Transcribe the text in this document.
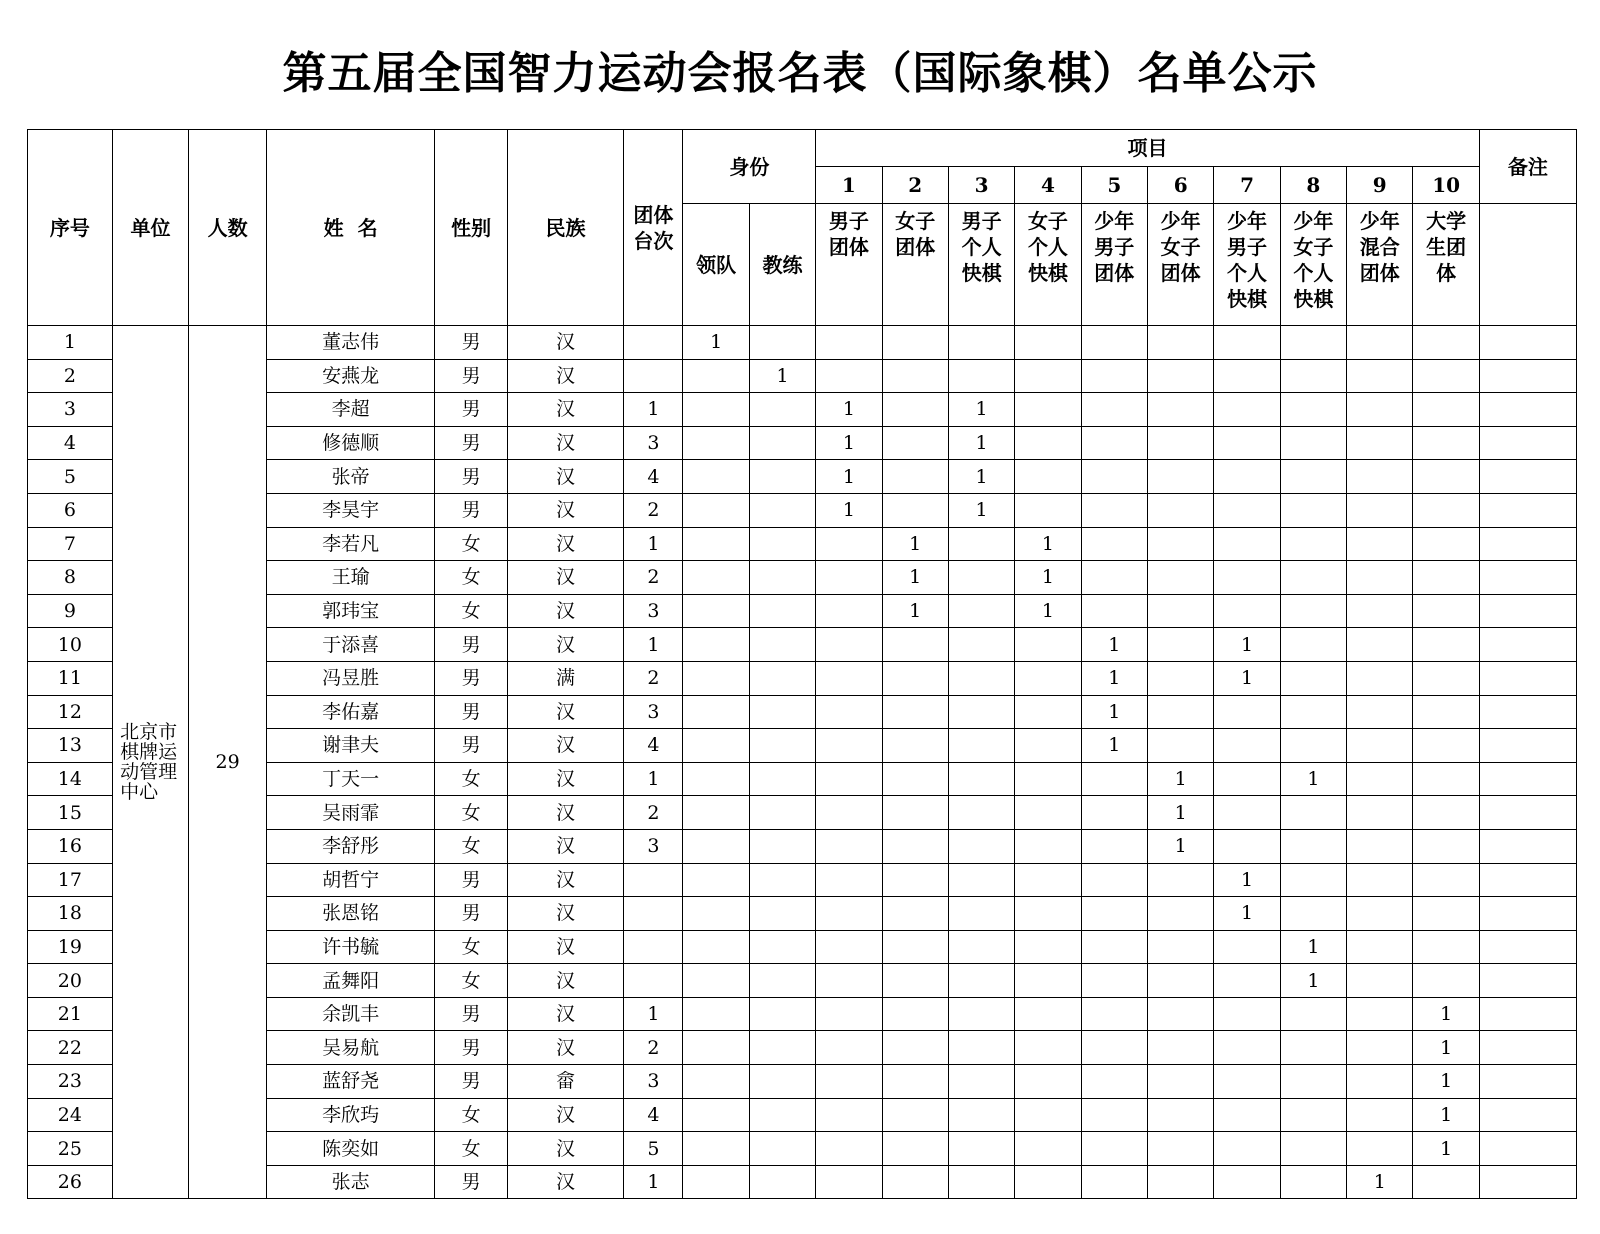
第五届全国智力运动会报名表（国际象棋）名单公示
序号	单位	人数	姓  名	性别	民族	团体台次	身份		项目										备注
									1	2	3	4	5	6	7	8	9	10	
							领队	教练	男子团体	女子团体	男子个人快棋	女子个人快棋	少年男子团体	少年女子团体	少年男子个人快棋	少年女子个人快棋	少年混合团体	大学生团体	

1	北京市棋牌运动管理中心	29	董志伟	男	汉		1												
2			安燕龙	男	汉			1											
3			李超	男	汉	1			1		1								
4			修德顺	男	汉	3			1		1								
5			张帝	男	汉	4			1		1								
6			李昊宇	男	汉	2			1		1								
7			李若凡	女	汉	1				1		1							
8			王瑜	女	汉	2				1		1							
9			郭玮宝	女	汉	3				1		1							
10			于添喜	男	汉	1							1		1				
11			冯昱胜	男	满	2							1		1				
12			李佑嘉	男	汉	3							1						
13			谢聿夫	男	汉	4							1						
14			丁天一	女	汉	1								1		1			
15			吴雨霏	女	汉	2								1					
16			李舒彤	女	汉	3								1					
17			胡哲宁	男	汉										1				
18			张恩铭	男	汉										1				
19			许书毓	女	汉											1			
20			孟舞阳	女	汉											1			
21			余凯丰	男	汉	1												1	
22			吴易航	男	汉	2												1	
23			蓝舒尧	男	畲	3												1	
24			李欣玙	女	汉	4												1	
25			陈奕如	女	汉	5												1	
26			张志	男	汉	1											1		
